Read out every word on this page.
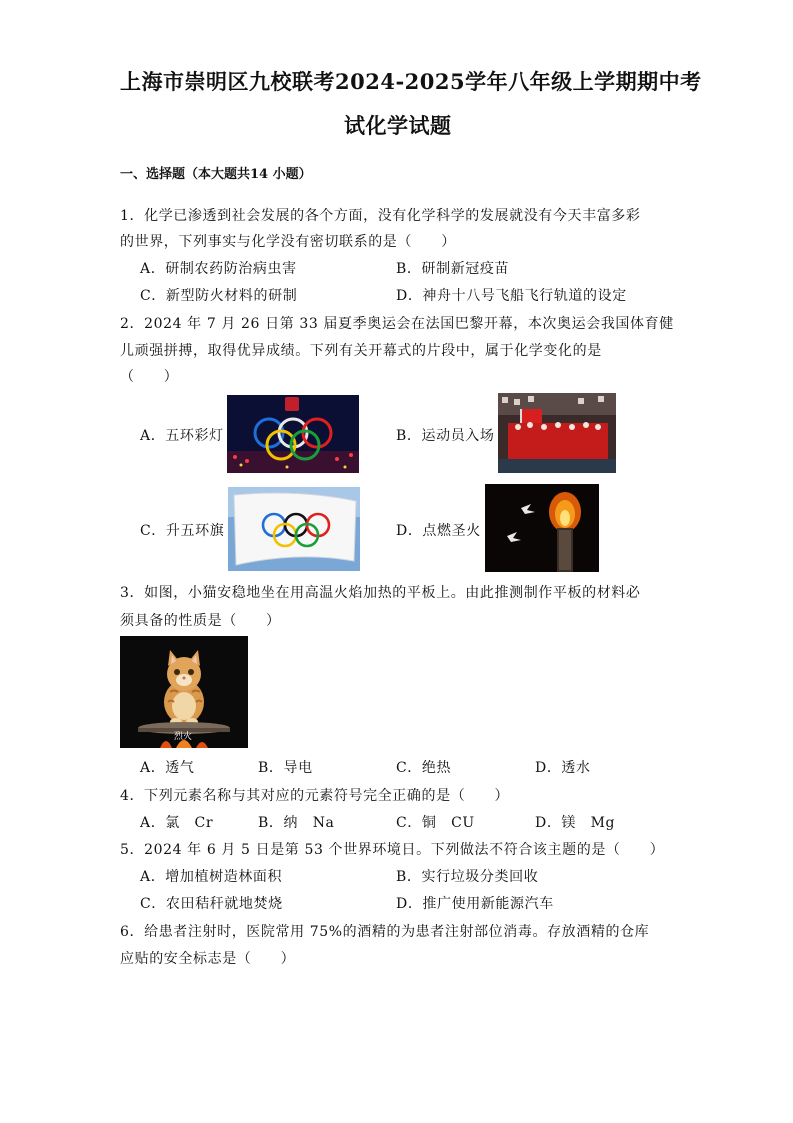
上海市崇明区九校联考2024-2025学年八年级上学期期中考
试化学试题
一、选择题（本大题共14 小题）
1．化学已渗透到社会发展的各个方面，没有化学科学的发展就没有今天丰富多彩
的世界，下列事实与化学没有密切联系的是（　　）
A．研制农药防治病虫害	B．研制新冠疫苗
C．新型防火材料的研制	D．神舟十八号飞船飞行轨道的设定
2．2024 年 7 月 26 日第 33 届夏季奥运会在法国巴黎开幕，本次奥运会我国体育健
儿顽强拼搏，取得优异成绩。下列有关开幕式的片段中，属于化学变化的是
（　　）
A．五环彩灯	B．运动员入场
C．升五环旗	D．点燃圣火
3．如图，小猫安稳地坐在用高温火焰加热的平板上。由此推测制作平板的材料必
须具备的性质是（　　）
烈火
A．透气	B．导电	C．绝热	D．透水
4．下列元素名称与其对应的元素符号完全正确的是（　　）
A．氯　Cr	B．纳　Na	C．铜　CU	D．镁　Mg
5．2024 年 6 月 5 日是第 53 个世界环境日。下列做法不符合该主题的是（　　）
A．增加植树造林面积	B．实行垃圾分类回收
C．农田秸秆就地焚烧	D．推广使用新能源汽车
6．给患者注射时，医院常用 75%的酒精的为患者注射部位消毒。存放酒精的仓库
应贴的安全标志是（　　）
